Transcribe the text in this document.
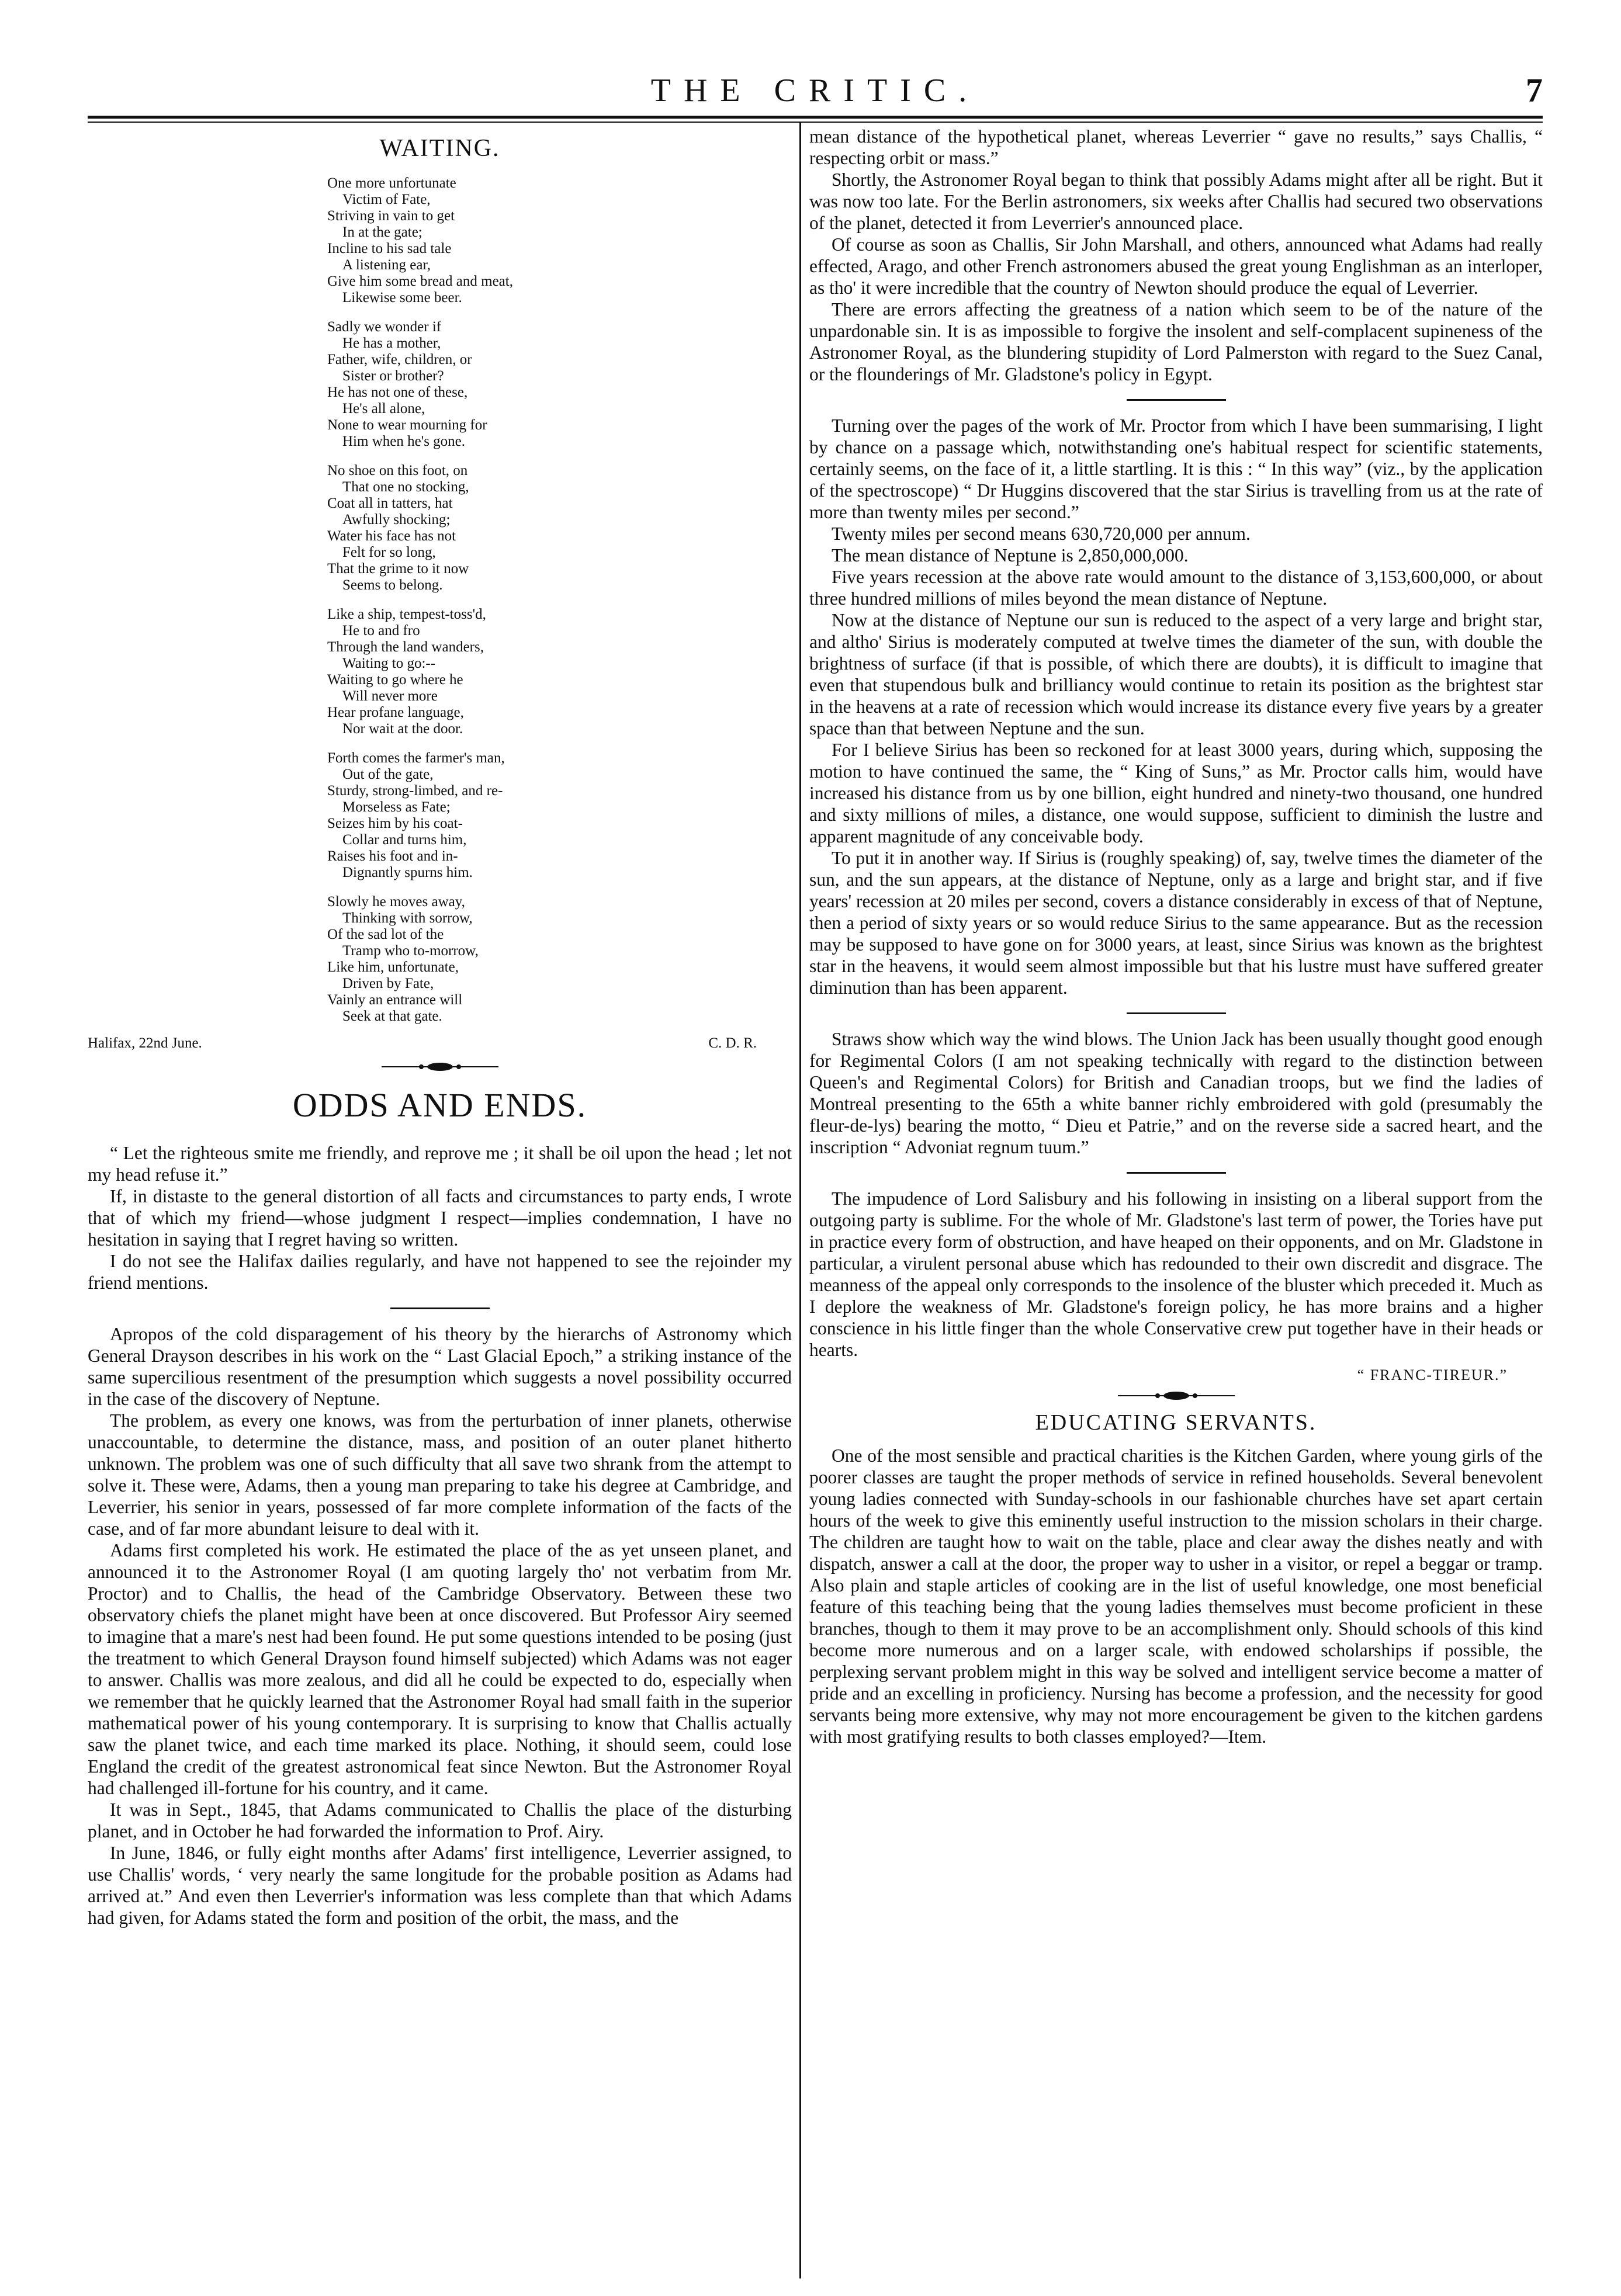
THE CRITIC.	7
WAITING.
One more unfortunate
Victim of Fate,
Striving in vain to get
In at the gate;
Incline to his sad tale
A listening ear,
Give him some bread and meat,
Likewise some beer.
Sadly we wonder if
He has a mother,
Father, wife, children, or
Sister or brother?
He has not one of these,
He's all alone,
None to wear mourning for
Him when he's gone.
No shoe on this foot, on
That one no stocking,
Coat all in tatters, hat
Awfully shocking;
Water his face has not
Felt for so long,
That the grime to it now
Seems to belong.
Like a ship, tempest-toss'd,
He to and fro
Through the land wanders,
Waiting to go:--
Waiting to go where he
Will never more
Hear profane language,
Nor wait at the door.
Forth comes the farmer's man,
Out of the gate,
Sturdy, strong-limbed, and re-
Morseless as Fate;
Seizes him by his coat-
Collar and turns him,
Raises his foot and in-
Dignantly spurns him.
Slowly he moves away,
Thinking with sorrow,
Of the sad lot of the
Tramp who to-morrow,
Like him, unfortunate,
Driven by Fate,
Vainly an entrance will
Seek at that gate.
Halifax, 22nd June.	C. D. R.
ODDS AND ENDS.

“ Let the righteous smite me friendly, and reprove me ; it shall be oil upon the head ; let not my head refuse it.”

If, in distaste to the general distortion of all facts and circumstances to party ends, I wrote that of which my friend—whose judgment I respect—implies condemnation, I have no hesitation in saying that I regret having so written.

I do not see the Halifax dailies regularly, and have not happened to see the rejoinder my friend mentions.

Apropos of the cold disparagement of his theory by the hierarchs of Astronomy which General Drayson describes in his work on the “ Last Glacial Epoch,” a striking instance of the same supercilious resentment of the presumption which suggests a novel possibility occurred in the case of the discovery of Neptune.

The problem, as every one knows, was from the perturbation of inner planets, otherwise unaccountable, to determine the distance, mass, and position of an outer planet hitherto unknown. The problem was one of such difficulty that all save two shrank from the attempt to solve it. These were, Adams, then a young man preparing to take his degree at Cambridge, and Leverrier, his senior in years, possessed of far more complete information of the facts of the case, and of far more abundant leisure to deal with it.

Adams first completed his work. He estimated the place of the as yet unseen planet, and announced it to the Astronomer Royal (I am quoting largely tho' not verbatim from Mr. Proctor) and to Challis, the head of the Cambridge Observatory. Between these two observatory chiefs the planet might have been at once discovered. But Professor Airy seemed to imagine that a mare's nest had been found. He put some questions intended to be posing (just the treatment to which General Drayson found himself subjected) which Adams was not eager to answer. Challis was more zealous, and did all he could be expected to do, especially when we remember that he quickly learned that the Astronomer Royal had small faith in the superior mathematical power of his young contemporary. It is surprising to know that Challis actually saw the planet twice, and each time marked its place. Nothing, it should seem, could lose England the credit of the greatest astronomical feat since Newton. But the Astronomer Royal had challenged ill-fortune for his country, and it came.

It was in Sept., 1845, that Adams communicated to Challis the place of the disturbing planet, and in October he had forwarded the information to Prof. Airy.

In June, 1846, or fully eight months after Adams' first intelligence, Leverrier assigned, to use Challis' words, ‘ very nearly the same longitude for the probable position as Adams had arrived at.” And even then Leverrier's information was less complete than that which Adams had given, for Adams stated the form and position of the orbit, the mass, and the

mean distance of the hypothetical planet, whereas Leverrier “ gave no results,” says Challis, “ respecting orbit or mass.”

Shortly, the Astronomer Royal began to think that possibly Adams might after all be right. But it was now too late. For the Berlin astronomers, six weeks after Challis had secured two observations of the planet, detected it from Leverrier's announced place.

Of course as soon as Challis, Sir John Marshall, and others, announced what Adams had really effected, Arago, and other French astronomers abused the great young Englishman as an interloper, as tho' it were incredible that the country of Newton should produce the equal of Leverrier.

There are errors affecting the greatness of a nation which seem to be of the nature of the unpardonable sin. It is as impossible to forgive the insolent and self-complacent supineness of the Astronomer Royal, as the blundering stupidity of Lord Palmerston with regard to the Suez Canal, or the flounderings of Mr. Gladstone's policy in Egypt.

Turning over the pages of the work of Mr. Proctor from which I have been summarising, I light by chance on a passage which, notwithstanding one's habitual respect for scientific statements, certainly seems, on the face of it, a little startling. It is this : “ In this way” (viz., by the application of the spectroscope) “ Dr Huggins discovered that the star Sirius is travelling from us at the rate of more than twenty miles per second.”

Twenty miles per second means 630,720,000 per annum.

The mean distance of Neptune is 2,850,000,000.

Five years recession at the above rate would amount to the distance of 3,153,600,000, or about three hundred millions of miles beyond the mean distance of Neptune.

Now at the distance of Neptune our sun is reduced to the aspect of a very large and bright star, and altho' Sirius is moderately computed at twelve times the diameter of the sun, with double the brightness of surface (if that is possible, of which there are doubts), it is difficult to imagine that even that stupendous bulk and brilliancy would continue to retain its position as the brightest star in the heavens at a rate of recession which would increase its distance every five years by a greater space than that between Neptune and the sun.

For I believe Sirius has been so reckoned for at least 3000 years, during which, supposing the motion to have continued the same, the “ King of Suns,” as Mr. Proctor calls him, would have increased his distance from us by one billion, eight hundred and ninety-two thousand, one hundred and sixty millions of miles, a distance, one would suppose, sufficient to diminish the lustre and apparent magnitude of any conceivable body.

To put it in another way. If Sirius is (roughly speaking) of, say, twelve times the diameter of the sun, and the sun appears, at the distance of Neptune, only as a large and bright star, and if five years' recession at 20 miles per second, covers a distance considerably in excess of that of Neptune, then a period of sixty years or so would reduce Sirius to the same appearance. But as the recession may be supposed to have gone on for 3000 years, at least, since Sirius was known as the brightest star in the heavens, it would seem almost impossible but that his lustre must have suffered greater diminution than has been apparent.

Straws show which way the wind blows. The Union Jack has been usually thought good enough for Regimental Colors (I am not speaking technically with regard to the distinction between Queen's and Regimental Colors) for British and Canadian troops, but we find the ladies of Montreal presenting to the 65th a white banner richly embroidered with gold (presumably the fleur-de-lys) bearing the motto, “ Dieu et Patrie,” and on the reverse side a sacred heart, and the inscription “ Advoniat regnum tuum.”

The impudence of Lord Salisbury and his following in insisting on a liberal support from the outgoing party is sublime. For the whole of Mr. Gladstone's last term of power, the Tories have put in practice every form of obstruction, and have heaped on their opponents, and on Mr. Gladstone in particular, a virulent personal abuse which has redounded to their own discredit and disgrace. The meanness of the appeal only corresponds to the insolence of the bluster which preceded it. Much as I deplore the weakness of Mr. Gladstone's foreign policy, he has more brains and a higher conscience in his little finger than the whole Conservative crew put together have in their heads or hearts.

“ FRANC-TIREUR.”
EDUCATING SERVANTS.

One of the most sensible and practical charities is the Kitchen Garden, where young girls of the poorer classes are taught the proper methods of service in refined households. Several benevolent young ladies connected with Sunday-schools in our fashionable churches have set apart certain hours of the week to give this eminently useful instruction to the mission scholars in their charge. The children are taught how to wait on the table, place and clear away the dishes neatly and with dispatch, answer a call at the door, the proper way to usher in a visitor, or repel a beggar or tramp. Also plain and staple articles of cooking are in the list of useful knowledge, one most beneficial feature of this teaching being that the young ladies themselves must become proficient in these branches, though to them it may prove to be an accomplishment only. Should schools of this kind become more numerous and on a larger scale, with endowed scholarships if possible, the perplexing servant problem might in this way be solved and intelligent service become a matter of pride and an excelling in proficiency. Nursing has become a profession, and the necessity for good servants being more extensive, why may not more encouragement be given to the kitchen gardens with most gratifying results to both classes employed?—Item.
